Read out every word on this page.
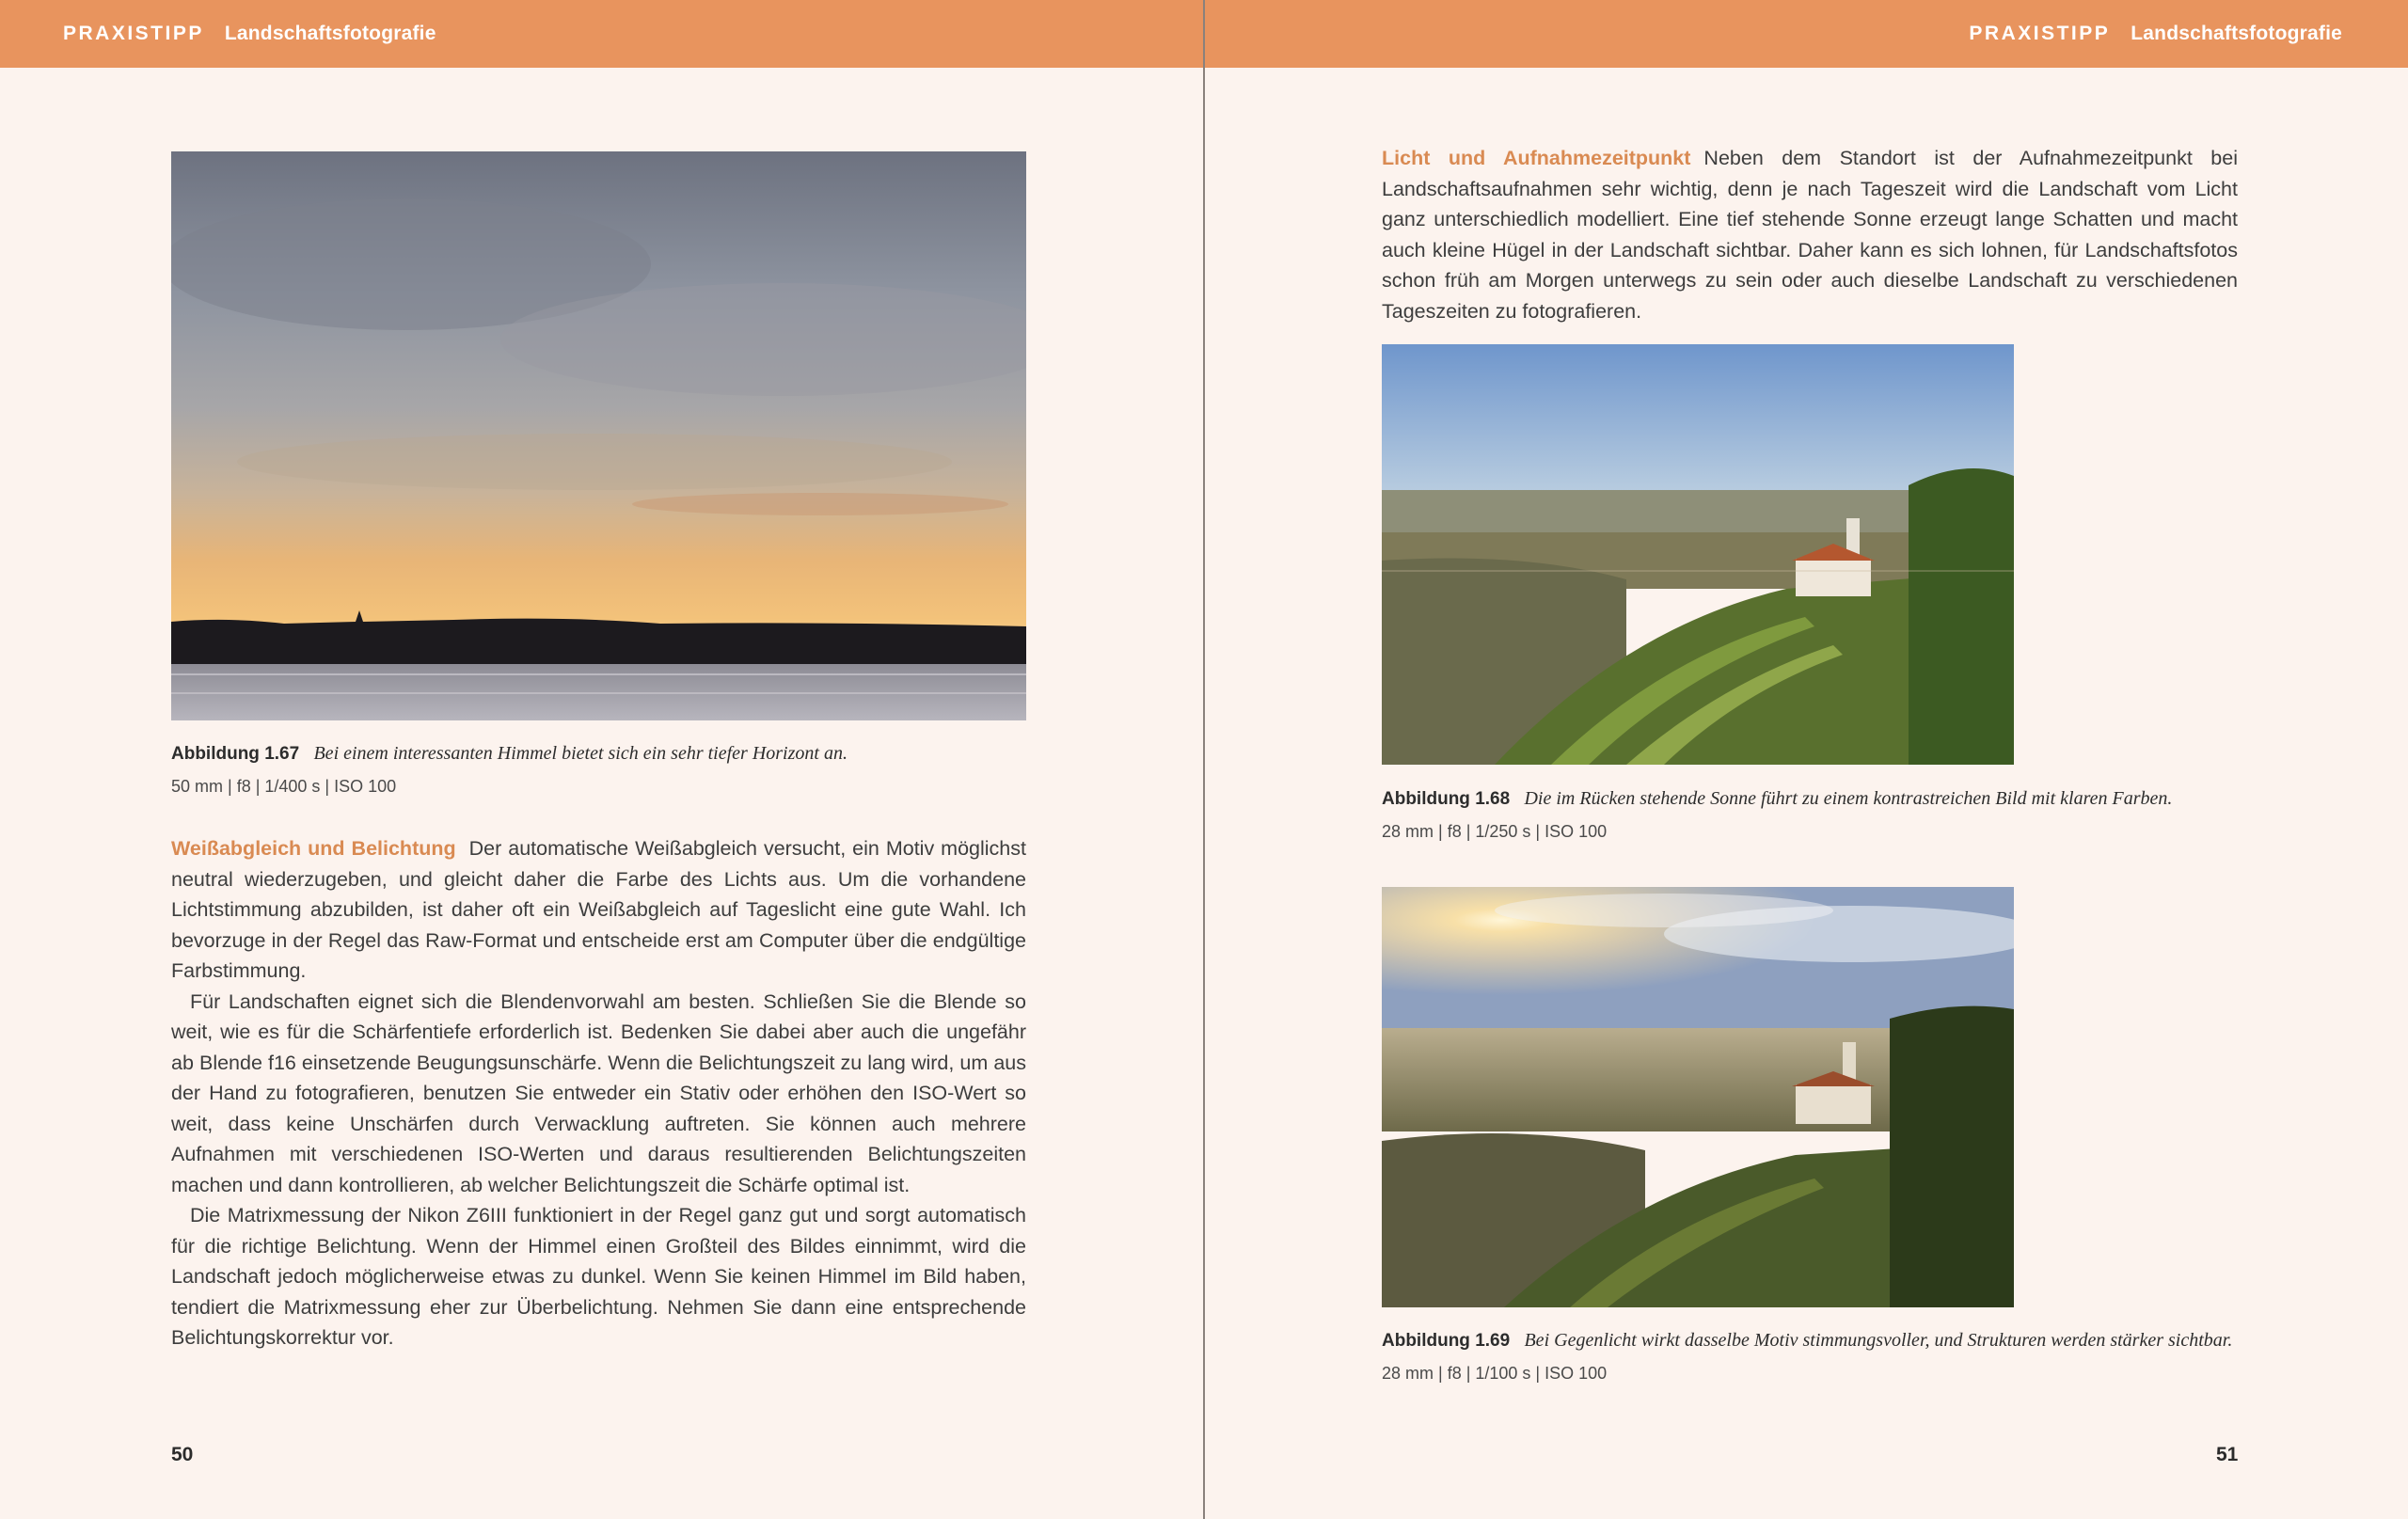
PRAXISTIPP Landschaftsfotografie
Abbildung 1.67 Bei einem interessanten Himmel bietet sich ein sehr tiefer Horizont an.
50 mm | f8 | 1/400 s | ISO 100

Weißabgleich und Belichtung Der automatische Weißabgleich versucht, ein Motiv möglichst neutral wiederzugeben, und gleicht daher die Farbe des Lichts aus. Um die vorhandene Lichtstimmung abzubilden, ist daher oft ein Weißabgleich auf Tageslicht eine gute Wahl. Ich bevorzuge in der Regel das Raw-Format und entscheide erst am Computer über die endgültige Farbstimmung.

Für Landschaften eignet sich die Blendenvorwahl am besten. Schließen Sie die Blende so weit, wie es für die Schärfentiefe erforderlich ist. Bedenken Sie dabei aber auch die ungefähr ab Blende f16 einsetzende Beugungsunschärfe. Wenn die Belichtungszeit zu lang wird, um aus der Hand zu fotografieren, benutzen Sie entweder ein Stativ oder erhöhen den ISO-Wert so weit, dass keine Unschärfen durch Verwacklung auftreten. Sie können auch mehrere Aufnahmen mit verschiedenen ISO-Werten und daraus resultierenden Belichtungszeiten machen und dann kontrollieren, ab welcher Belichtungszeit die Schärfe optimal ist.

Die Matrixmessung der Nikon Z6III funktioniert in der Regel ganz gut und sorgt automatisch für die richtige Belichtung. Wenn der Himmel einen Großteil des Bildes einnimmt, wird die Landschaft jedoch möglicherweise etwas zu dunkel. Wenn Sie keinen Himmel im Bild haben, tendiert die Matrixmessung eher zur Überbelichtung. Nehmen Sie dann eine entsprechende Belichtungskorrektur vor.

50
PRAXISTIPP Landschaftsfotografie

Licht und Aufnahmezeitpunkt Neben dem Standort ist der Aufnahmezeitpunkt bei Landschaftsaufnahmen sehr wichtig, denn je nach Tageszeit wird die Landschaft vom Licht ganz unterschiedlich modelliert. Eine tief stehende Sonne erzeugt lange Schatten und macht auch kleine Hügel in der Landschaft sichtbar. Daher kann es sich lohnen, für Landschaftsfotos schon früh am Morgen unterwegs zu sein oder auch dieselbe Landschaft zu verschiedenen Tageszeiten zu fotografieren.

Abbildung 1.68 Die im Rücken stehende Sonne führt zu einem kontrastreichen Bild mit klaren Farben.
28 mm | f8 | 1/250 s | ISO 100
Abbildung 1.69 Bei Gegenlicht wirkt dasselbe Motiv stimmungsvoller, und Strukturen werden stärker sichtbar.
28 mm | f8 | 1/100 s | ISO 100
51
